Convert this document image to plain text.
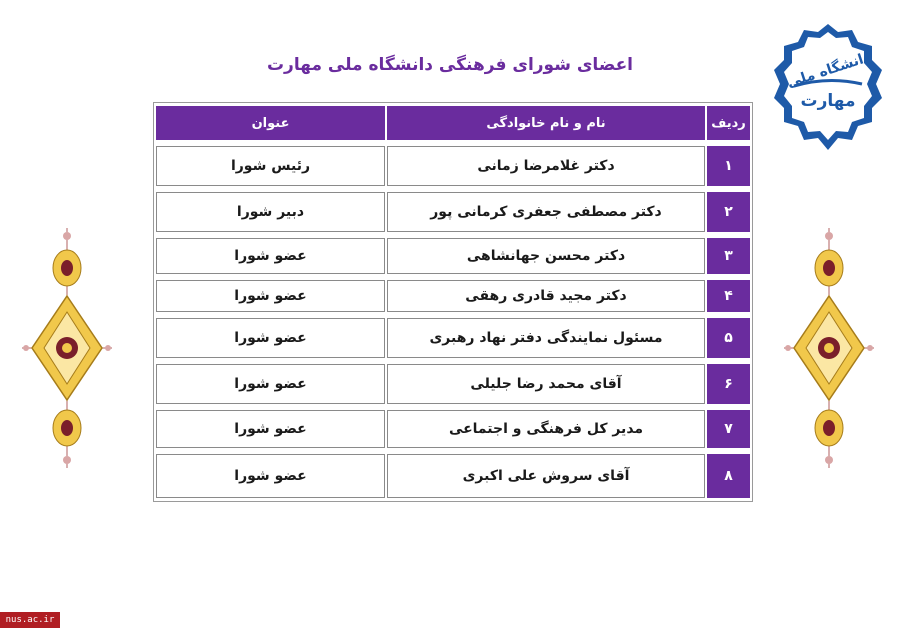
اعضای شورای فرهنگی دانشگاه ملی مهارت	دانشگاه ملی
مهارت
عنوان	نام و نام خانوادگی	ردیف
رئیس شورا	دکتر غلامرضا زمانی	۱
دبیر شورا	دکتر مصطفی جعفری کرمانی پور	۲
عضو شورا	دکتر محسن جهانشاهی	۳
عضو شورا	دکتر مجید قادری رهقی	۴
عضو شورا	مسئول نمایندگی دفتر نهاد رهبری	۵
عضو شورا	آقای محمد رضا جلیلی	۶
عضو شورا	مدیر کل فرهنگی و اجتماعی	۷
عضو شورا	آقای سروش علی اکبری	۸
nus.ac.ir
